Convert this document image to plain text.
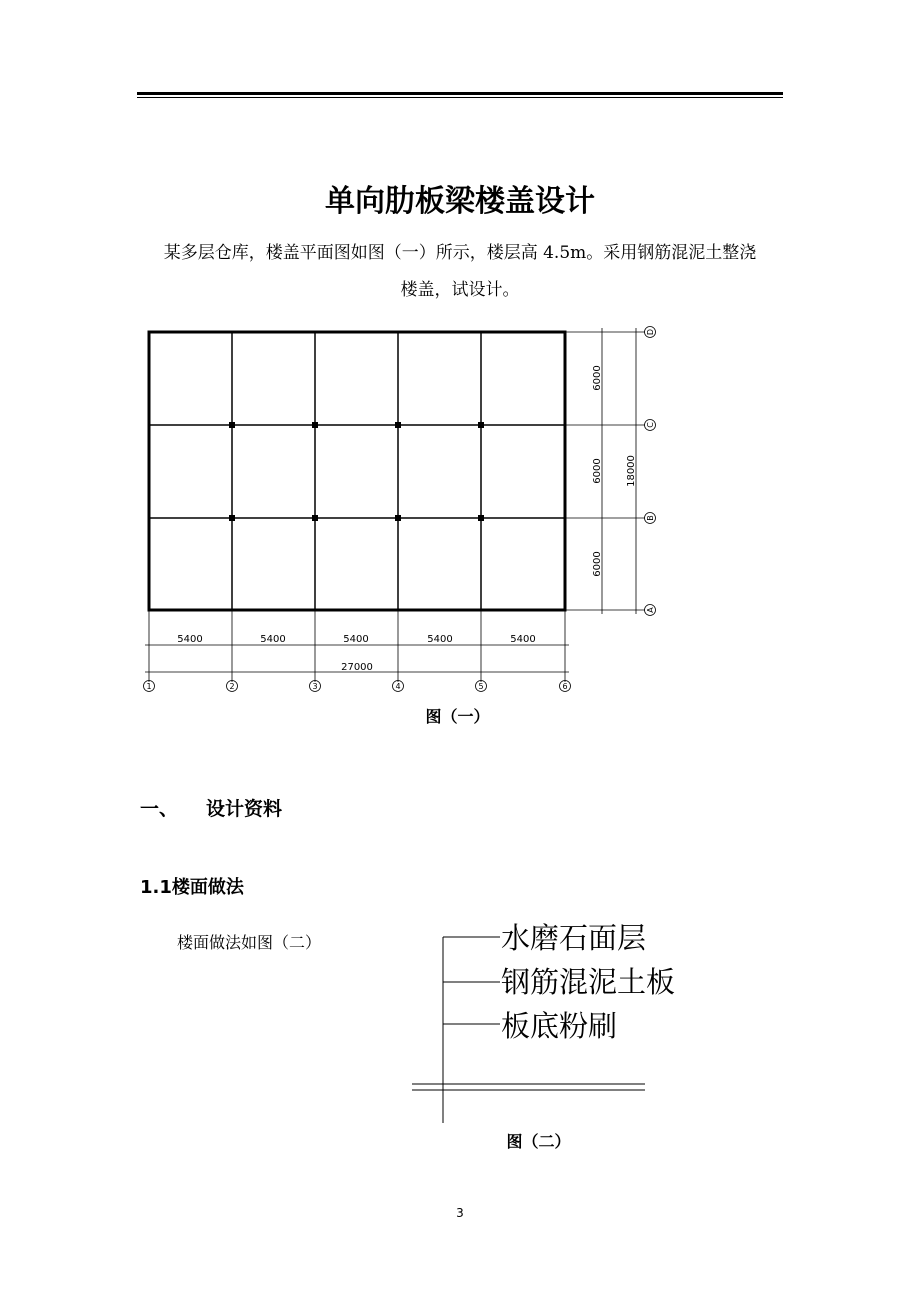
单向肋板梁楼盖设计
某多层仓库，楼盖平面图如图（一）所示，楼层高 4.5m。采用钢筋混泥土整浇
楼盖，试设计。
5400	5400	5400	5400	5400
27000
1	2	3	4	5	6
6000
6000
6000
18000
D
C
B
A
图（一）
一、 设计资料
1.1楼面做法
楼面做法如图（二）	水磨石面层
钢筋混泥土板
板底粉刷
图（二）
3
